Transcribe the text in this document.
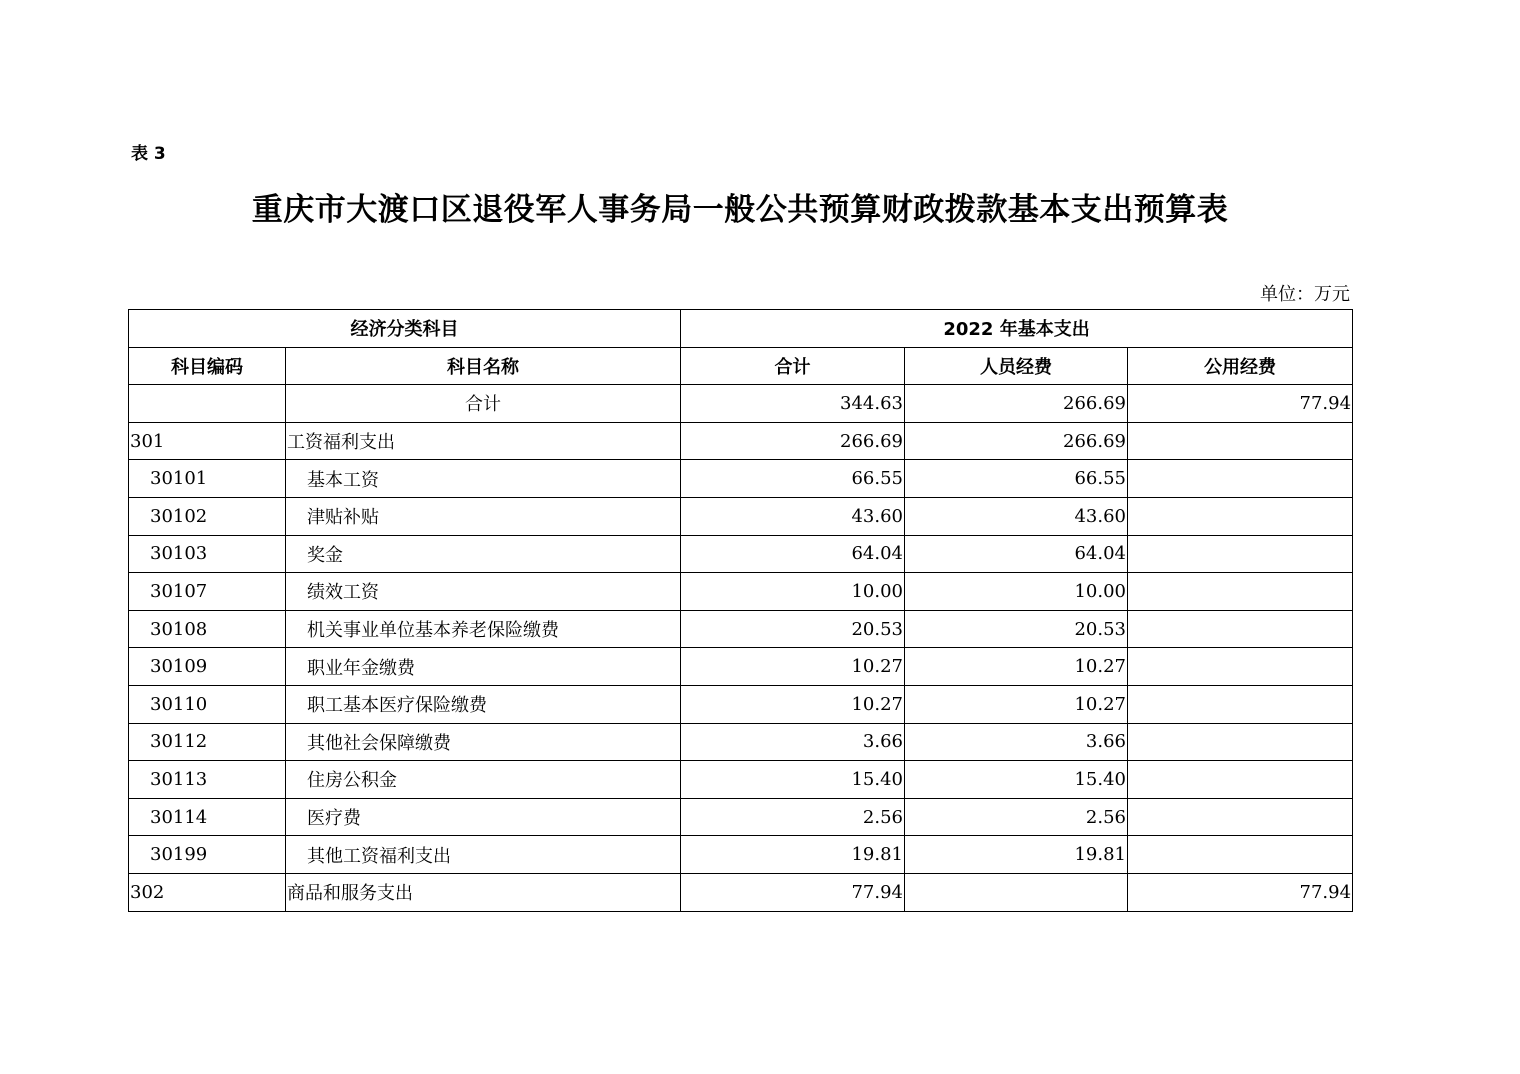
表 3
重庆市大渡口区退役军人事务局一般公共预算财政拨款基本支出预算表
单位：万元
经济分类科目		2022 年基本支出		
科目编码	科目名称	合计	人员经费	公用经费
	合计	344.63	266.69	77.94
301	工资福利支出	266.69	266.69	
30101	基本工资	66.55	66.55	
30102	津贴补贴	43.60	43.60	
30103	奖金	64.04	64.04	
30107	绩效工资	10.00	10.00	
30108	机关事业单位基本养老保险缴费	20.53	20.53	
30109	职业年金缴费	10.27	10.27	
30110	职工基本医疗保险缴费	10.27	10.27	
30112	其他社会保障缴费	3.66	3.66	
30113	住房公积金	15.40	15.40	
30114	医疗费	2.56	2.56	
30199	其他工资福利支出	19.81	19.81	
302	商品和服务支出	77.94		77.94
